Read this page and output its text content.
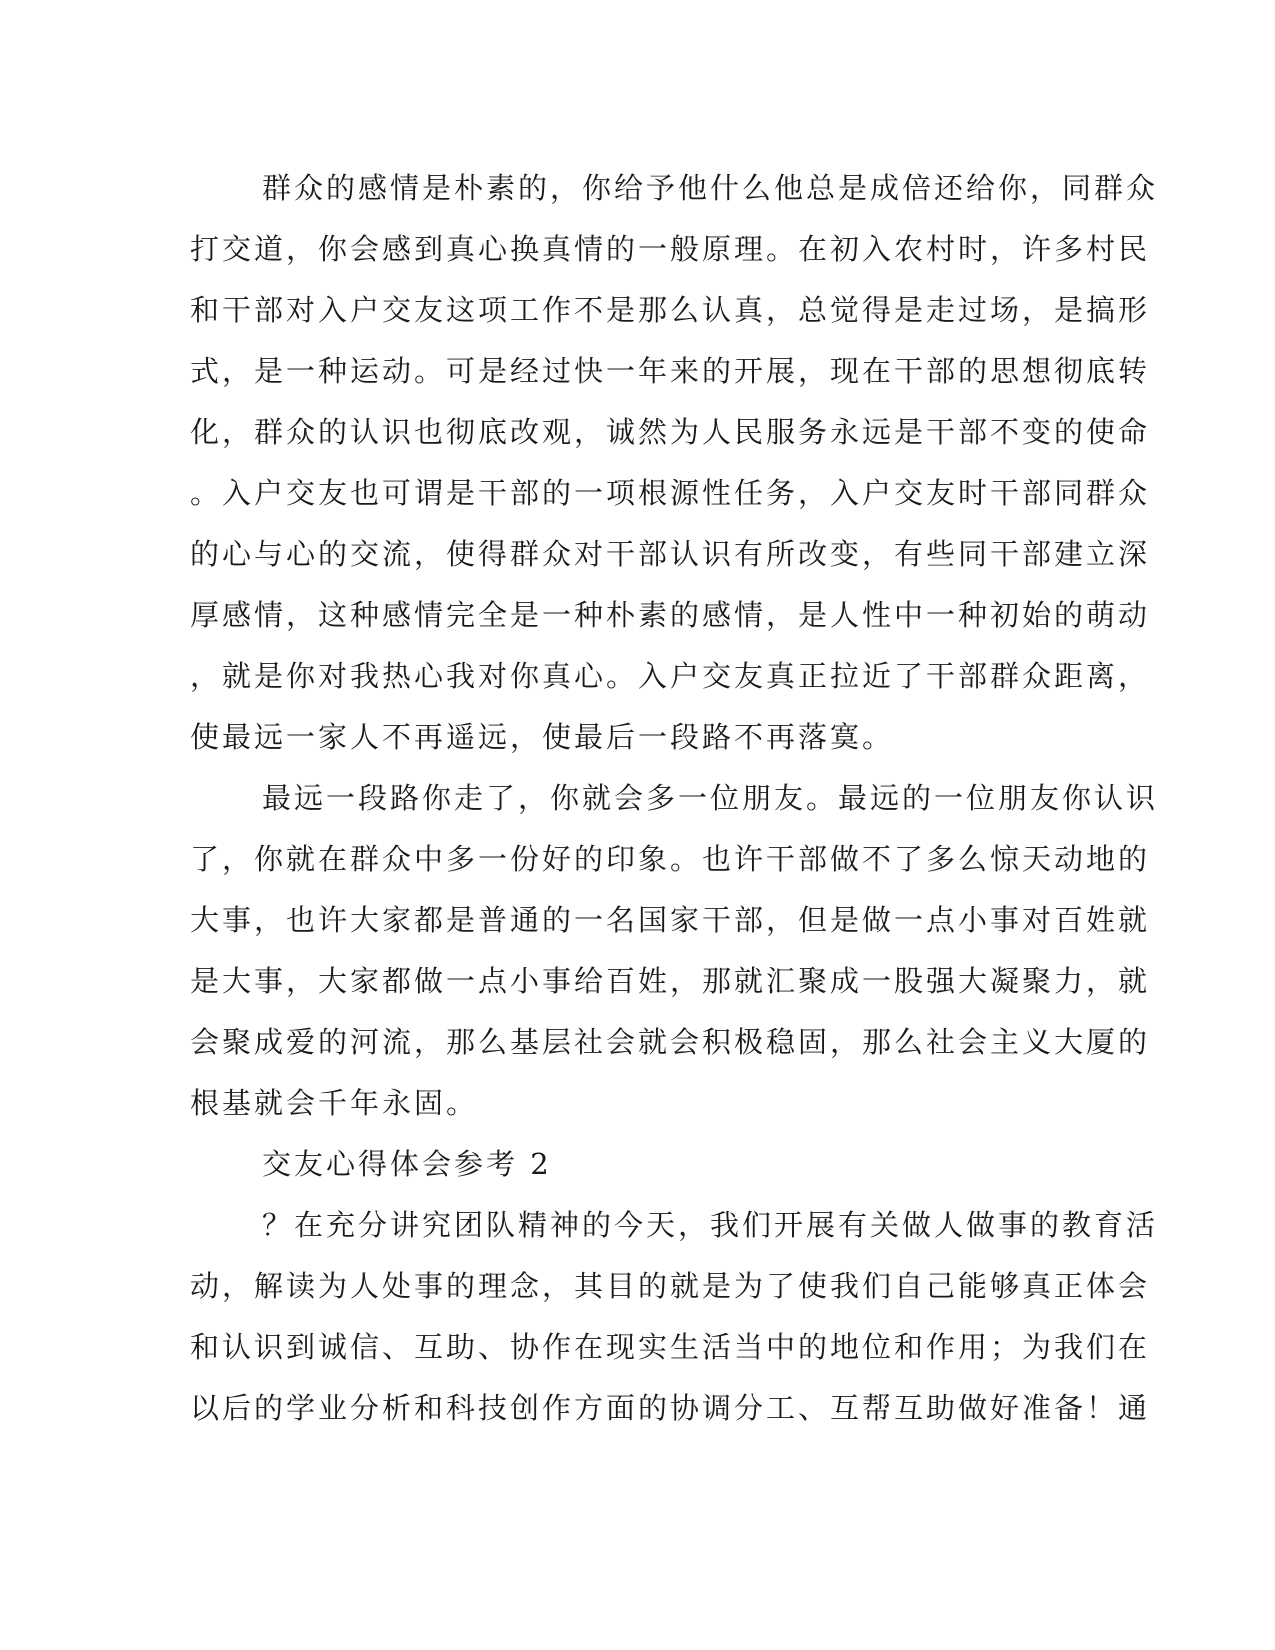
群众的感情是朴素的，你给予他什么他总是成倍还给你，同群众
打交道，你会感到真心换真情的一般原理。在初入农村时，许多村民
和干部对入户交友这项工作不是那么认真，总觉得是走过场，是搞形
式，是一种运动。可是经过快一年来的开展，现在干部的思想彻底转
化，群众的认识也彻底改观，诚然为人民服务永远是干部不变的使命
。入户交友也可谓是干部的一项根源性任务，入户交友时干部同群众
的心与心的交流，使得群众对干部认识有所改变，有些同干部建立深
厚感情，这种感情完全是一种朴素的感情，是人性中一种初始的萌动
，就是你对我热心我对你真心。入户交友真正拉近了干部群众距离，
使最远一家人不再遥远，使最后一段路不再落寞。
最远一段路你走了，你就会多一位朋友。最远的一位朋友你认识
了，你就在群众中多一份好的印象。也许干部做不了多么惊天动地的
大事，也许大家都是普通的一名国家干部，但是做一点小事对百姓就
是大事，大家都做一点小事给百姓，那就汇聚成一股强大凝聚力，就
会聚成爱的河流，那么基层社会就会积极稳固，那么社会主义大厦的
根基就会千年永固。
交友心得体会参考 2
？在充分讲究团队精神的今天，我们开展有关做人做事的教育活
动，解读为人处事的理念，其目的就是为了使我们自己能够真正体会
和认识到诚信、互助、协作在现实生活当中的地位和作用；为我们在
以后的学业分析和科技创作方面的协调分工、互帮互助做好准备！通
